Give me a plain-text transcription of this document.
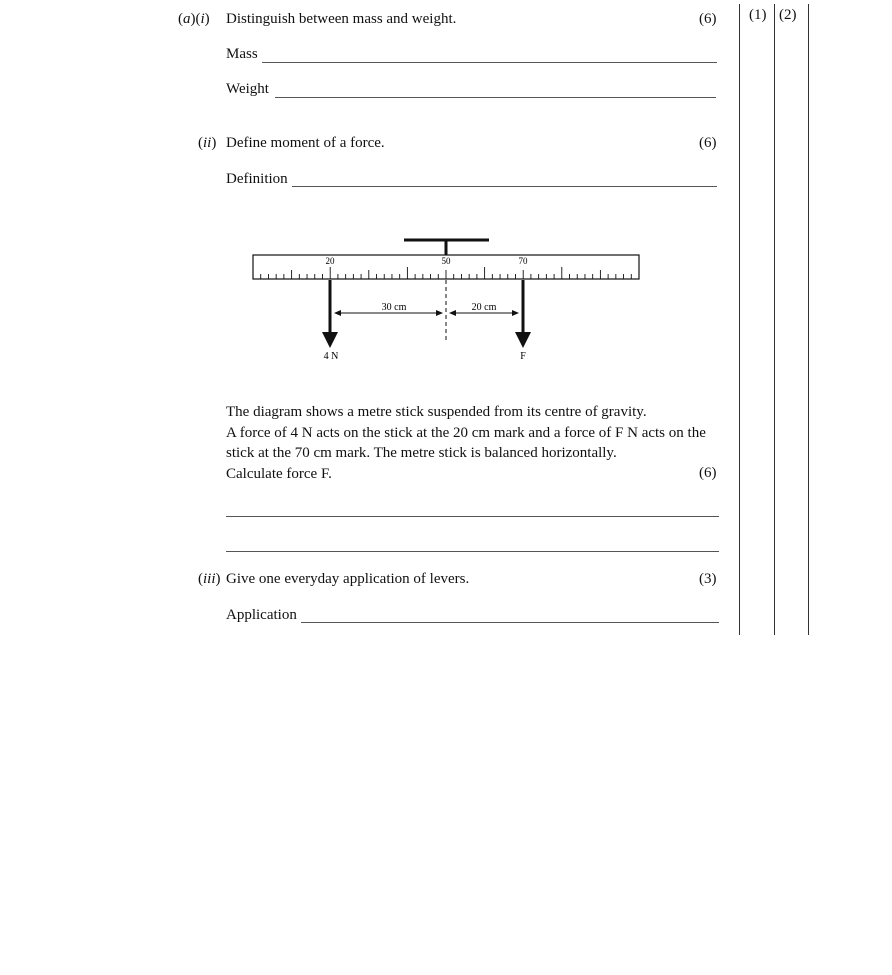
(1) (2)
(a)(i) Distinguish between mass and weight.	(6)
Mass
Weight
(ii) Define moment of a force.	(6)
Definition
20	50	70
4 N	F
30 cm	20 cm
The diagram shows a metre stick suspended from its centre of gravity.
A force of 4 N acts on the stick at the 20 cm mark and a force of F N acts on the
stick at the 70 cm mark. The metre stick is balanced horizontally.
Calculate force F.	(6)
(iii) Give one everyday application of levers.	(3)
Application
